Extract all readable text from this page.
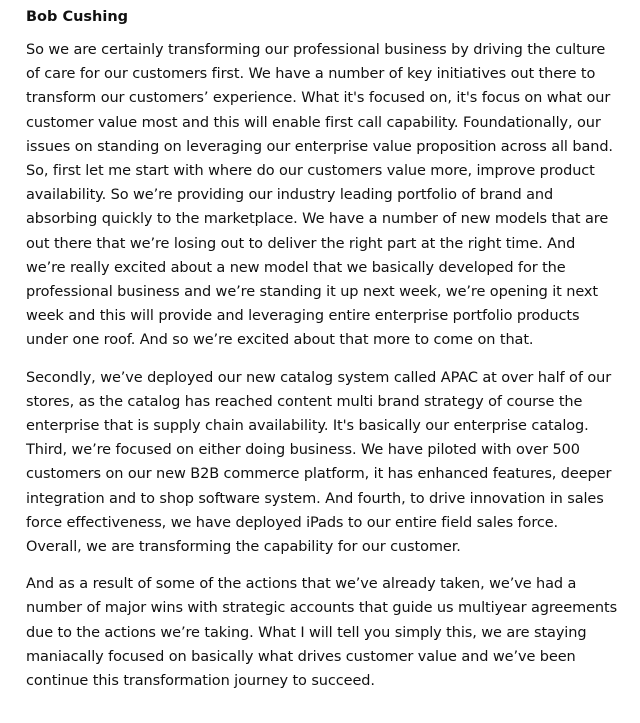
Bob Cushing

So we are certainly transforming our professional business by driving the culture of care for our customers first. We have a number of key initiatives out there to transform our customers’ experience. What it's focused on, it's focus on what our customer value most and this will enable first call capability. Foundationally, our issues on standing on leveraging our enterprise value proposition across all band. So, first let me start with where do our customers value more, improve product availability. So we’re providing our industry leading portfolio of brand and absorbing quickly to the marketplace. We have a number of new models that are out there that we’re losing out to deliver the right part at the right time. And we’re really excited about a new model that we basically developed for the professional business and we’re standing it up next week, we’re opening it next week and this will provide and leveraging entire enterprise portfolio products under one roof. And so we’re excited about that more to come on that.

Secondly, we’ve deployed our new catalog system called APAC at over half of our stores, as the catalog has reached content multi brand strategy of course the enterprise that is supply chain availability. It's basically our enterprise catalog. Third, we’re focused on either doing business. We have piloted with over 500 customers on our new B2B commerce platform, it has enhanced features, deeper integration and to shop software system. And fourth, to drive innovation in sales force effectiveness, we have deployed iPads to our entire field sales force. Overall, we are transforming the capability for our customer.

And as a result of some of the actions that we’ve already taken, we’ve had a number of major wins with strategic accounts that guide us multiyear agreements due to the actions we’re taking. What I will tell you simply this, we are staying maniacally focused on basically what drives customer value and we’ve been continue this transformation journey to succeed.
